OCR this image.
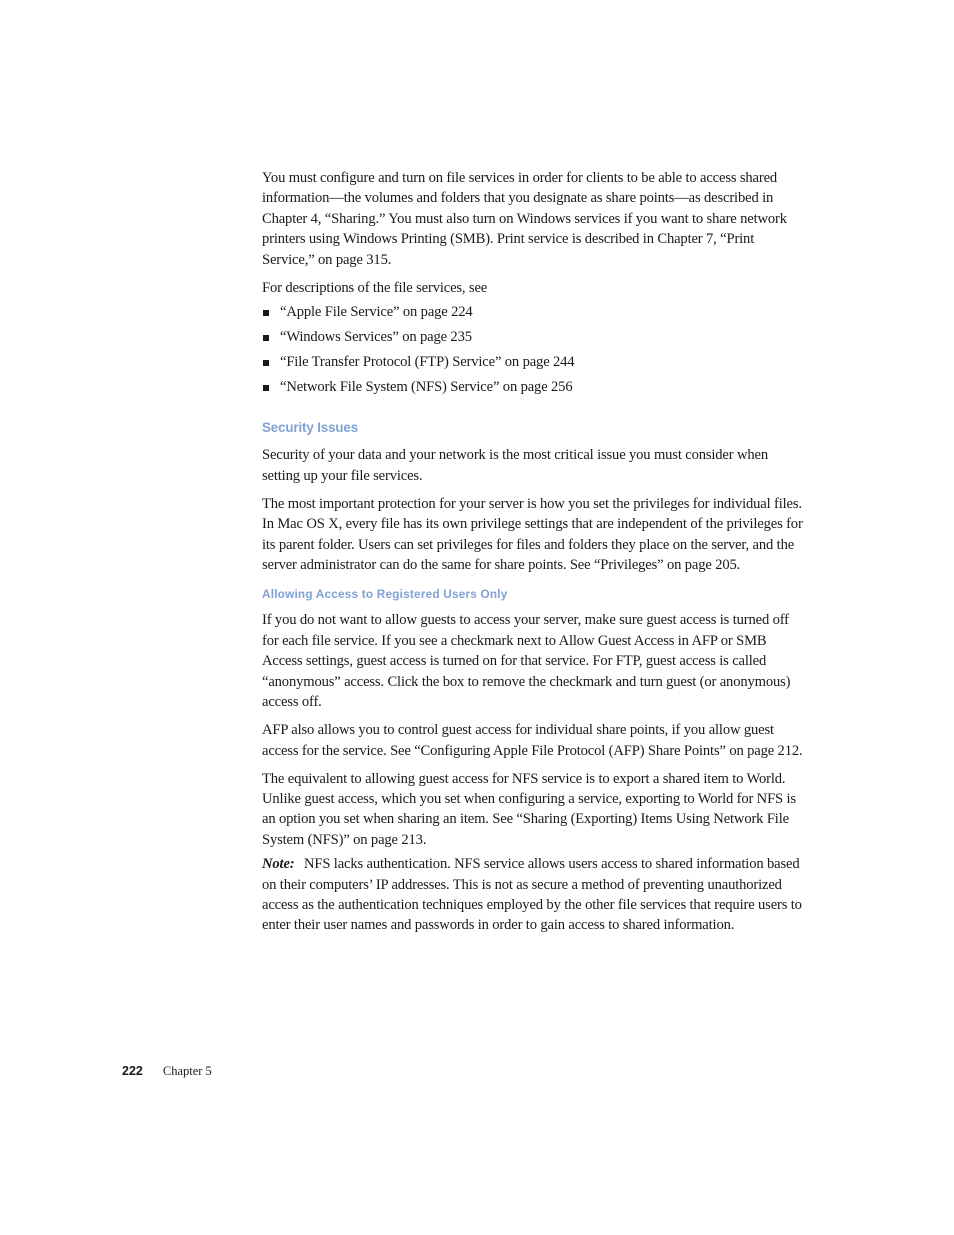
You must configure and turn on file services in order for clients to be able to access shared information—the volumes and folders that you designate as share points—as described in Chapter 4, “Sharing.” You must also turn on Windows services if you want to share network printers using Windows Printing (SMB). Print service is described in Chapter 7, “Print Service,” on page 315.

For descriptions of the file services, see

“Apple File Service” on page 224
“Windows Services” on page 235
“File Transfer Protocol (FTP) Service” on page 244
“Network File System (NFS) Service” on page 256
Security Issues

Security of your data and your network is the most critical issue you must consider when setting up your file services.

The most important protection for your server is how you set the privileges for individual files. In Mac OS X, every file has its own privilege settings that are independent of the privileges for its parent folder. Users can set privileges for files and folders they place on the server, and the server administrator can do the same for share points. See “Privileges” on page 205.

Allowing Access to Registered Users Only

If you do not want to allow guests to access your server, make sure guest access is turned off for each file service. If you see a checkmark next to Allow Guest Access in AFP or SMB Access settings, guest access is turned on for that service. For FTP, guest access is called “anonymous” access. Click the box to remove the checkmark and turn guest (or anonymous) access off.

AFP also allows you to control guest access for individual share points, if you allow guest access for the service. See “Configuring Apple File Protocol (AFP) Share Points” on page 212.

The equivalent to allowing guest access for NFS service is to export a shared item to World. Unlike guest access, which you set when configuring a service, exporting to World for NFS is an option you set when sharing an item. See “Sharing (Exporting) Items Using Network File System (NFS)” on page 213.

Note: NFS lacks authentication. NFS service allows users access to shared information based on their computers’ IP addresses. This is not as secure a method of preventing unauthorized access as the authentication techniques employed by the other file services that require users to enter their user names and passwords in order to gain access to shared information.

222 Chapter 5
